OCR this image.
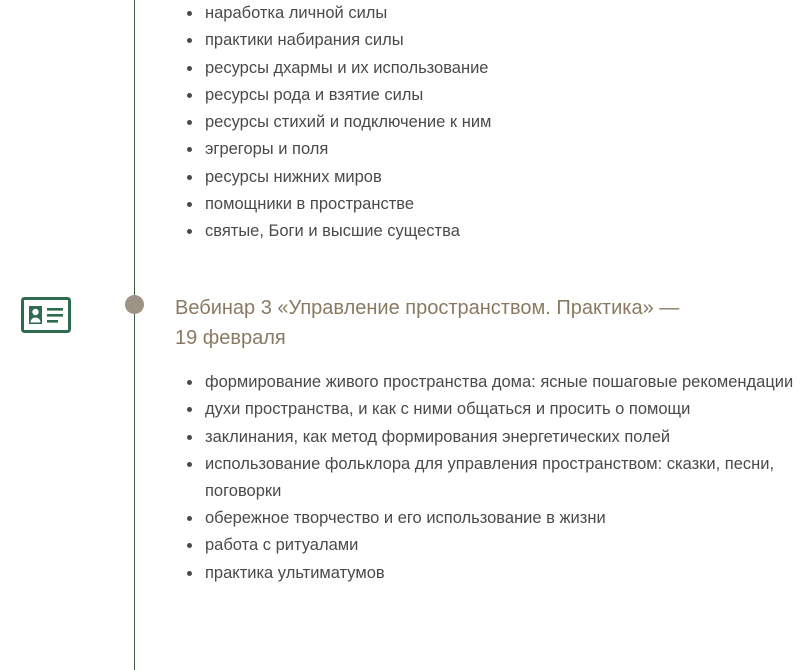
наработка личной силы
практики набирания силы
ресурсы дхармы и их использование
ресурсы рода и взятие силы
ресурсы стихий и подключение к ним
эгрегоры и поля
ресурсы нижних миров
помощники в пространстве
святые, Боги и высшие существа
Вебинар 3 «Управление пространством. Практика» — 19 февраля
формирование живого пространства дома: ясные пошаговые рекомендации
духи пространства, и как с ними общаться и просить о помощи
заклинания, как метод формирования энергетических полей
использование фольклора для управления пространством: сказки, песни, поговорки
обережное творчество и его использование в жизни
работа с ритуалами
практика ультиматумов
